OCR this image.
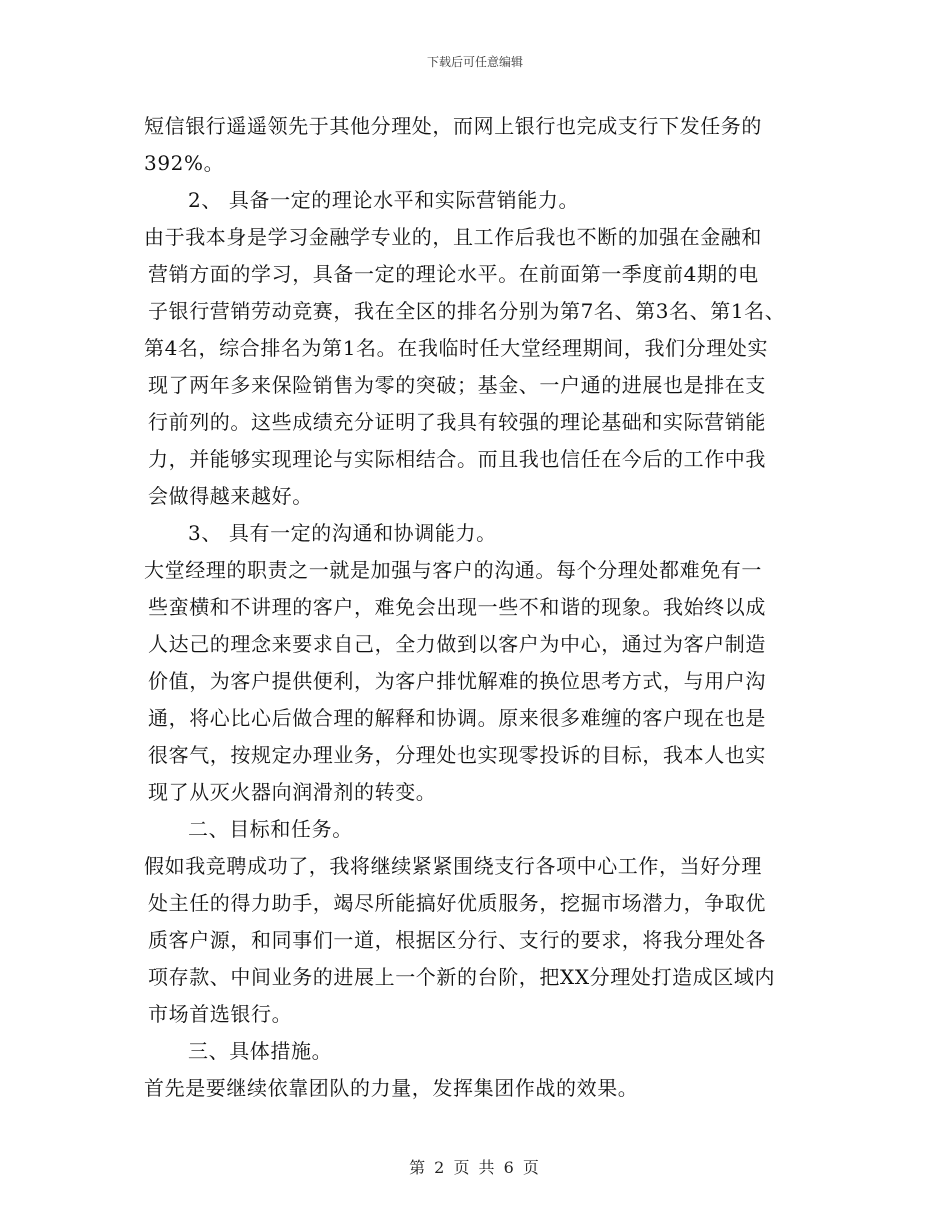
下载后可任意编辑
短信银行遥遥领先于其他分理处，而网上银行也完成支行下发任务的
392%。
2、 具备一定的理论水平和实际营销能力。
由于我本身是学习金融学专业的，且工作后我也不断的加强在金融和
营销方面的学习，具备一定的理论水平。在前面第一季度前4期的电
子银行营销劳动竞赛，我在全区的排名分别为第7名、第3名、第1名、
第4名，综合排名为第1名。在我临时任大堂经理期间，我们分理处实
现了两年多来保险销售为零的突破；基金、一户通的进展也是排在支
行前列的。这些成绩充分证明了我具有较强的理论基础和实际营销能
力，并能够实现理论与实际相结合。而且我也信任在今后的工作中我
会做得越来越好。
3、 具有一定的沟通和协调能力。
大堂经理的职责之一就是加强与客户的沟通。每个分理处都难免有一
些蛮横和不讲理的客户，难免会出现一些不和谐的现象。我始终以成
人达己的理念来要求自己，全力做到以客户为中心，通过为客户制造
价值，为客户提供便利，为客户排忧解难的换位思考方式，与用户沟
通，将心比心后做合理的解释和协调。原来很多难缠的客户现在也是
很客气，按规定办理业务，分理处也实现零投诉的目标，我本人也实
现了从灭火器向润滑剂的转变。
二、目标和任务。
假如我竞聘成功了，我将继续紧紧围绕支行各项中心工作，当好分理
处主任的得力助手，竭尽所能搞好优质服务，挖掘市场潜力，争取优
质客户源，和同事们一道，根据区分行、支行的要求，将我分理处各
项存款、中间业务的进展上一个新的台阶，把XX分理处打造成区域内
市场首选银行。
三、具体措施。
首先是要继续依靠团队的力量，发挥集团作战的效果。
第 2 页 共 6 页
